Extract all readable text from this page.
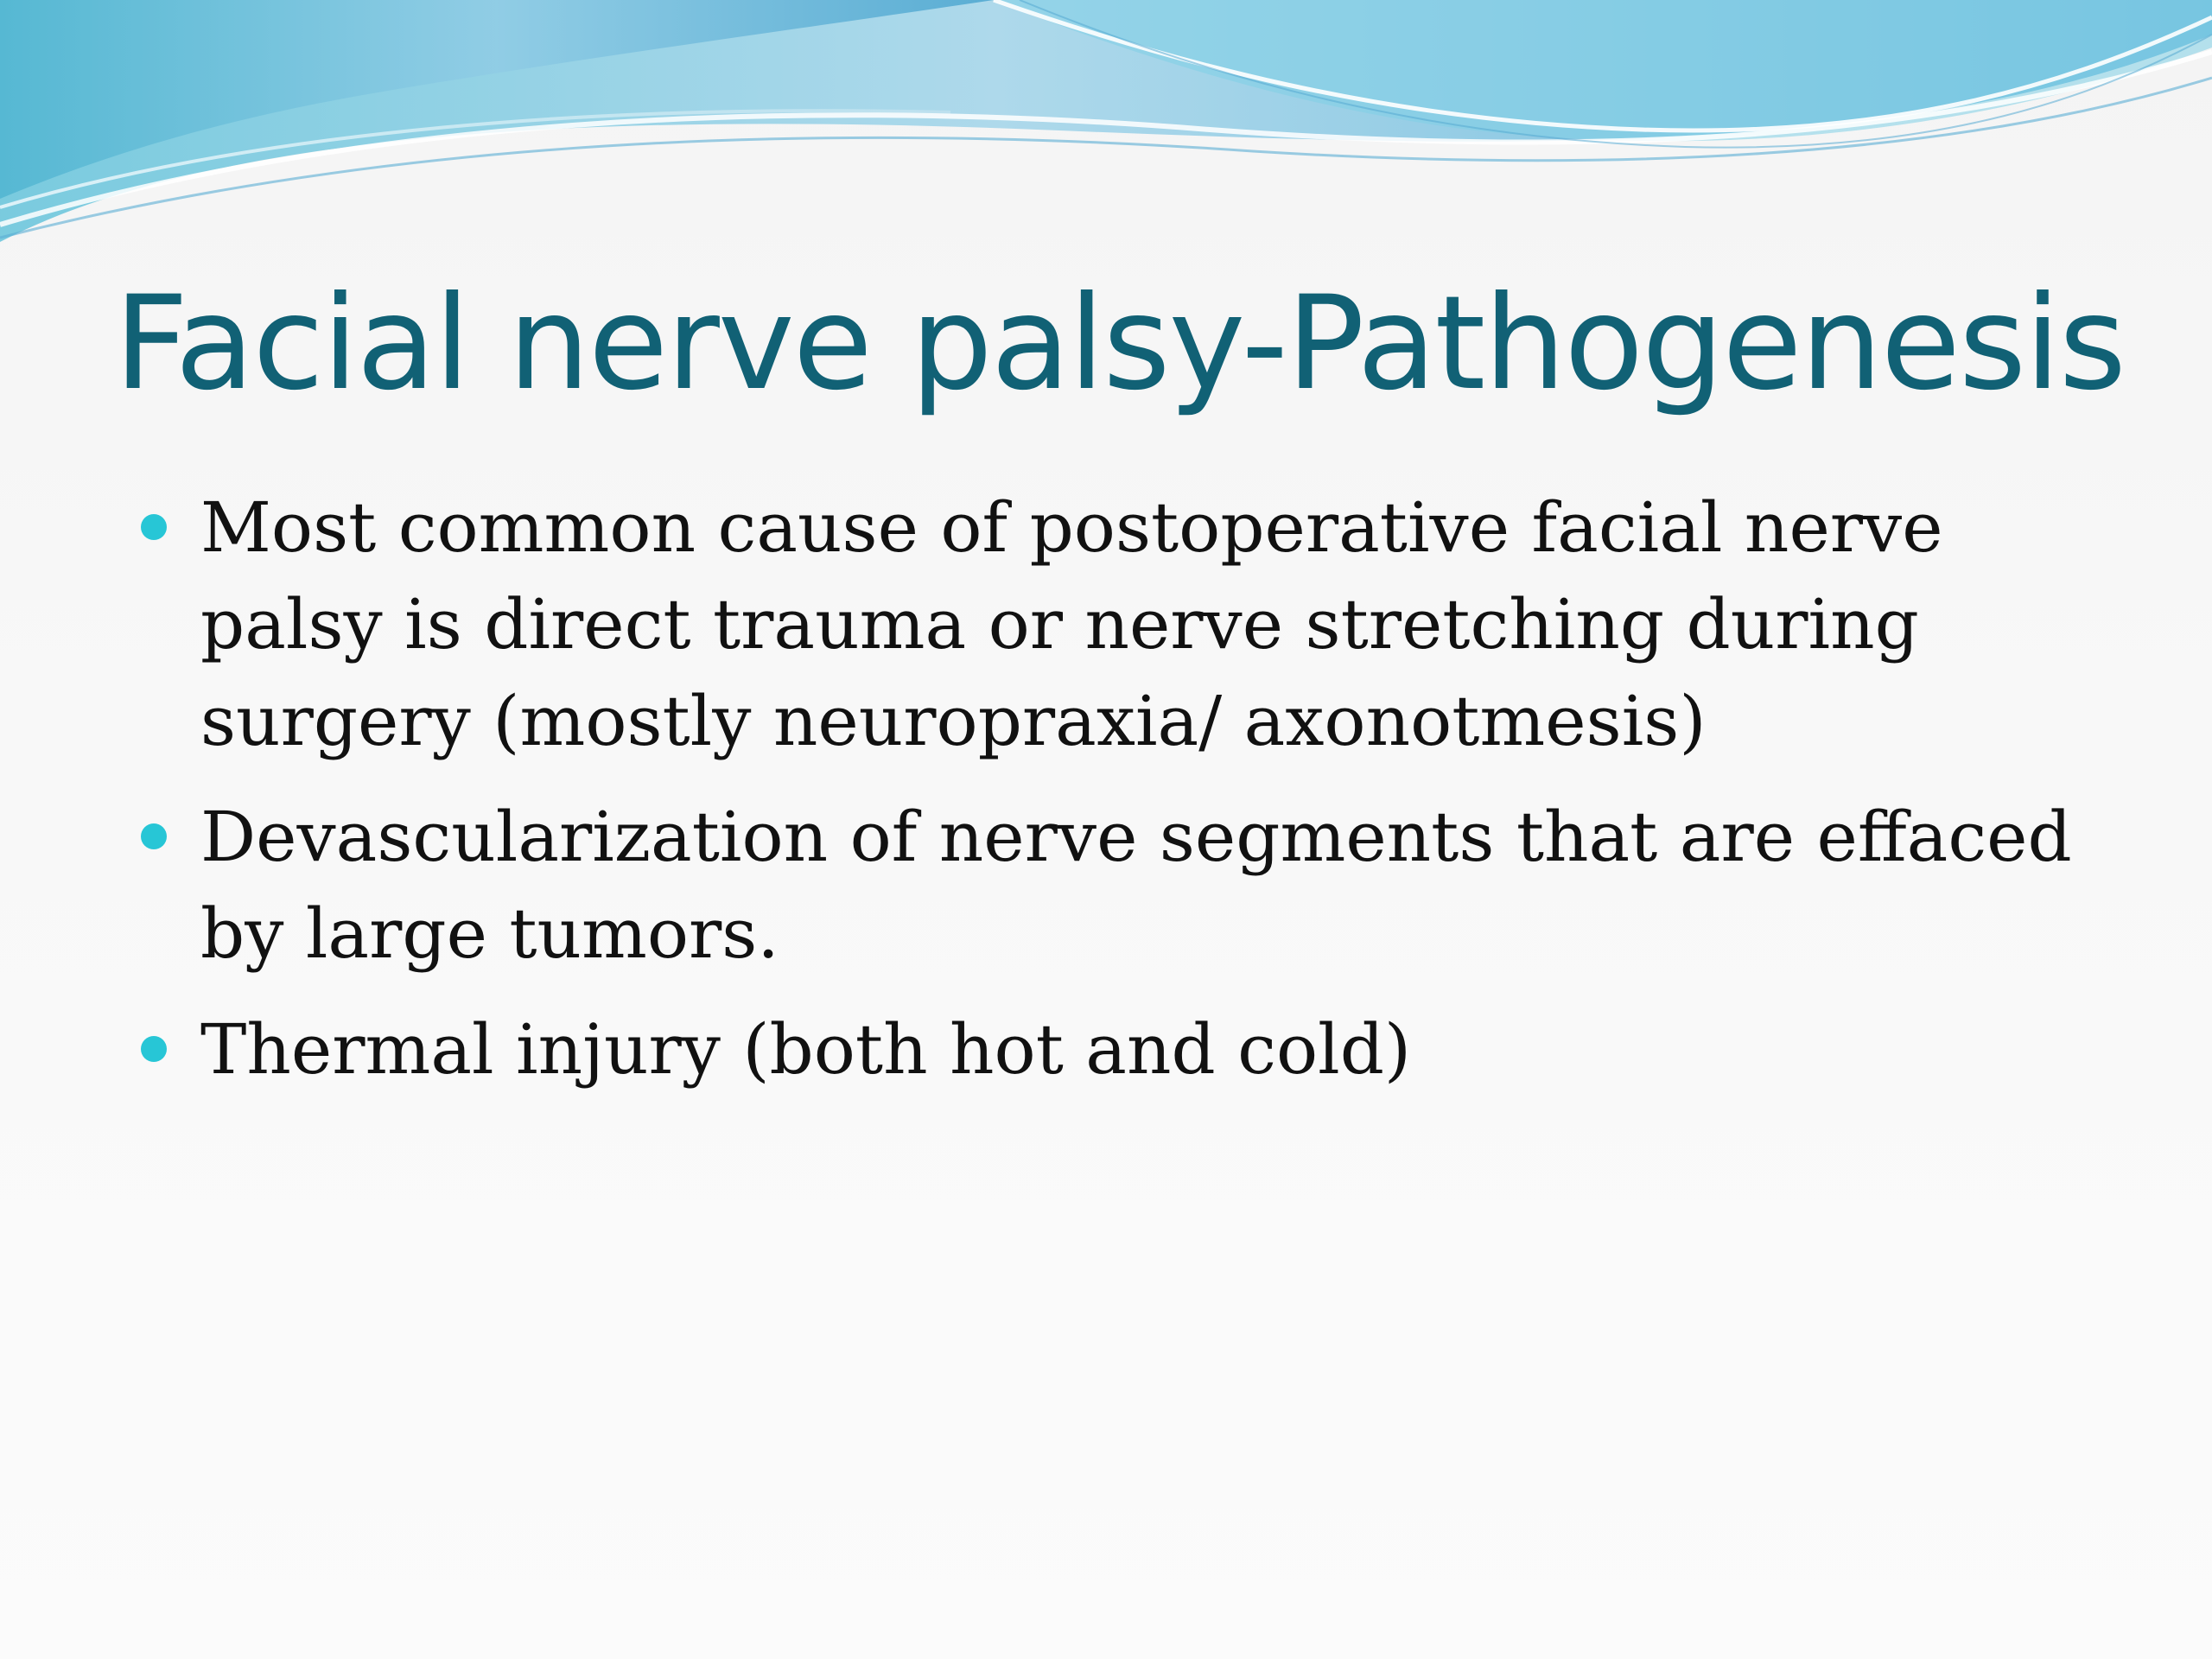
Facial nerve palsy-Pathogenesis
Most common cause of postoperative facial nerve palsy is direct trauma or nerve stretching during surgery (mostly neuropraxia/ axonotmesis)
Devascularization of nerve segments that are effaced by large tumors.
Thermal injury (both hot and cold)
